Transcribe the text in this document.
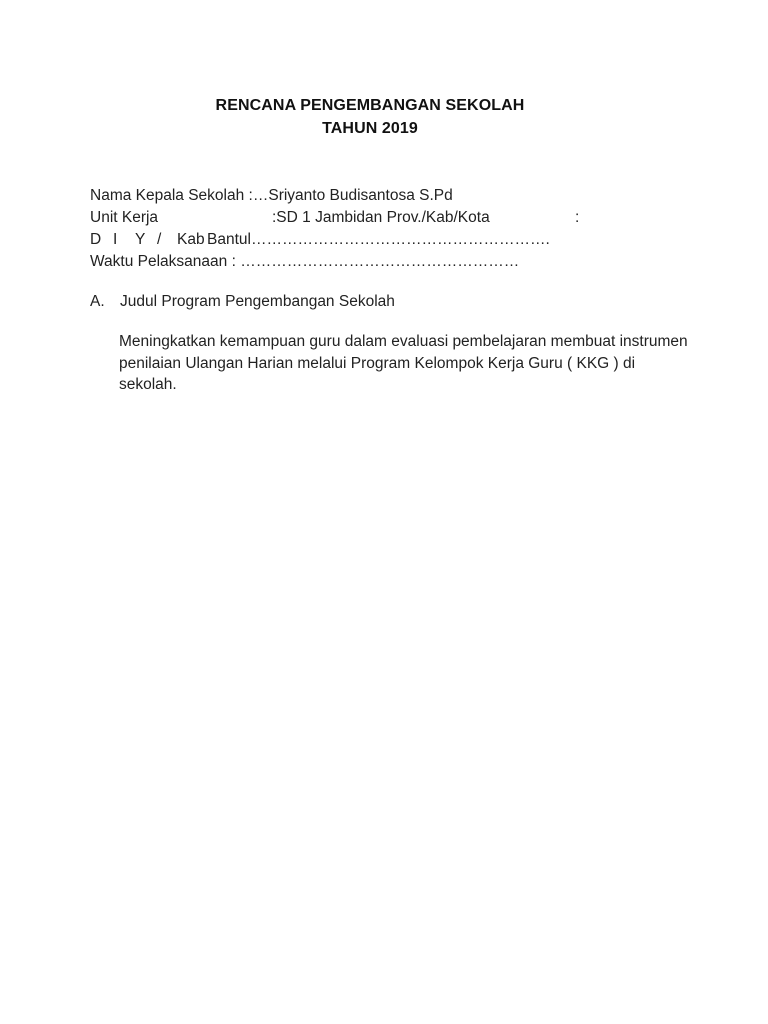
RENCANA PENGEMBANGAN SEKOLAH
TAHUN 2019
Nama Kepala Sekolah :…Sriyanto Budisantosa S.Pd
Unit Kerja	:SD 1 Jambidan Prov./Kab/Kota	:
D I Y / Kab Bantul………………………………………………….
Waktu Pelaksanaan : ………………………………………………
A. Judul Program Pengembangan Sekolah
Meningkatkan kemampuan guru dalam evaluasi pembelajaran membuat instrumen
penilaian Ulangan Harian melalui Program Kelompok Kerja Guru ( KKG ) di
sekolah.
